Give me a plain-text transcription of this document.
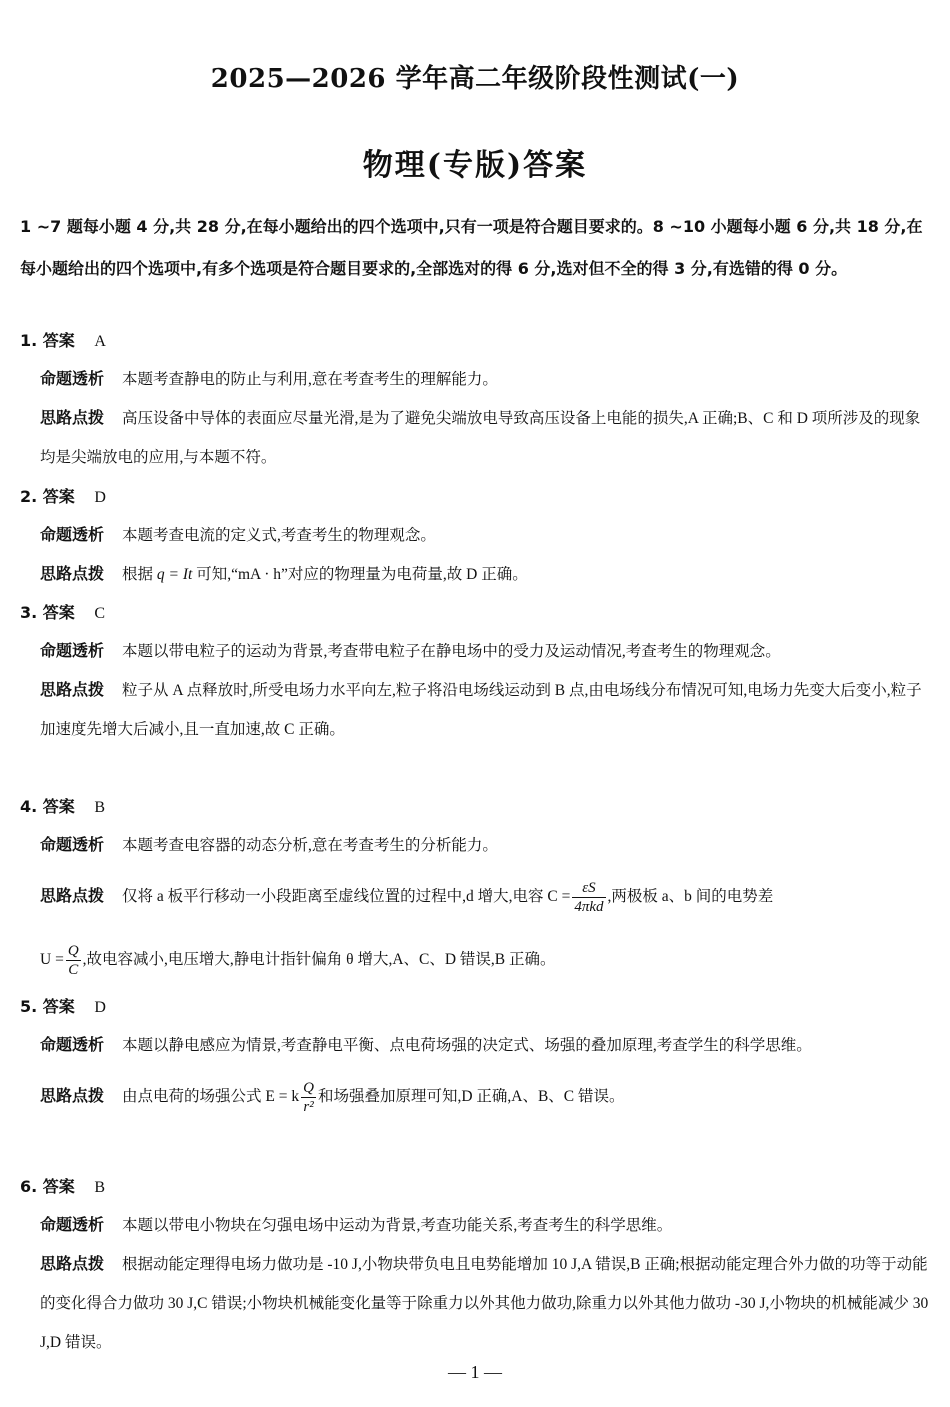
2025—2026 学年高二年级阶段性测试(一)
物理(专版)答案
1 ~7 题每小题 4 分,共 28 分,在每小题给出的四个选项中,只有一项是符合题目要求的。8 ~10 小题每小题 6 分,共 18 分,在每小题给出的四个选项中,有多个选项是符合题目要求的,全部选对的得 6 分,选对但不全的得 3 分,有选错的得 0 分。
1. 答案 A
命题透析 本题考查静电的防止与利用,意在考查考生的理解能力。
思路点拨 高压设备中导体的表面应尽量光滑,是为了避免尖端放电导致高压设备上电能的损失,A 正确;B、C 和 D 项所涉及的现象均是尖端放电的应用,与本题不符。
2. 答案 D
命题透析 本题考查电流的定义式,考查考生的物理观念。
思路点拨 根据 q = It 可知,“mA · h”对应的物理量为电荷量,故 D 正确。
3. 答案 C
命题透析 本题以带电粒子的运动为背景,考查带电粒子在静电场中的受力及运动情况,考查考生的物理观念。
思路点拨 粒子从 A 点释放时,所受电场力水平向左,粒子将沿电场线运动到 B 点,由电场线分布情况可知,电场力先变大后变小,粒子加速度先增大后减小,且一直加速,故 C 正确。
4. 答案 B
命题透析 本题考查电容器的动态分析,意在考查考生的分析能力。
思路点拨 仅将 a 板平行移动一小段距离至虚线位置的过程中,d 增大,电容 $C = \frac{\varepsilon S}{\text{4πkd}}$ ,两极板 a、b 间的电势差
$U = \frac{Q}{C}$ ,故电容减小,电压增大,静电计指针偏角 θ 增大,A、C、D 错误,B 正确。
5. 答案 D
命题透析 本题以静电感应为情景,考查静电平衡、点电荷场强的决定式、场强的叠加原理,考查学生的科学思维。
思路点拨 由点电荷的场强公式 E = k $\frac{Q}{\text{r²}}$ 和场强叠加原理可知,D 正确,A、B、C 错误。
6. 答案 B
命题透析 本题以带电小物块在匀强电场中运动为背景,考查功能关系,考查考生的科学思维。
思路点拨 根据动能定理得电场力做功是 -10 J,小物块带负电且电势能增加 10 J,A 错误,B 正确;根据动能定理合外力做的功等于动能的变化得合力做功 30 J,C 错误;小物块机械能变化量等于除重力以外其他力做功,除重力以外其他力做功 -30 J,小物块的机械能减少 30 J,D 错误。
— 1 —
